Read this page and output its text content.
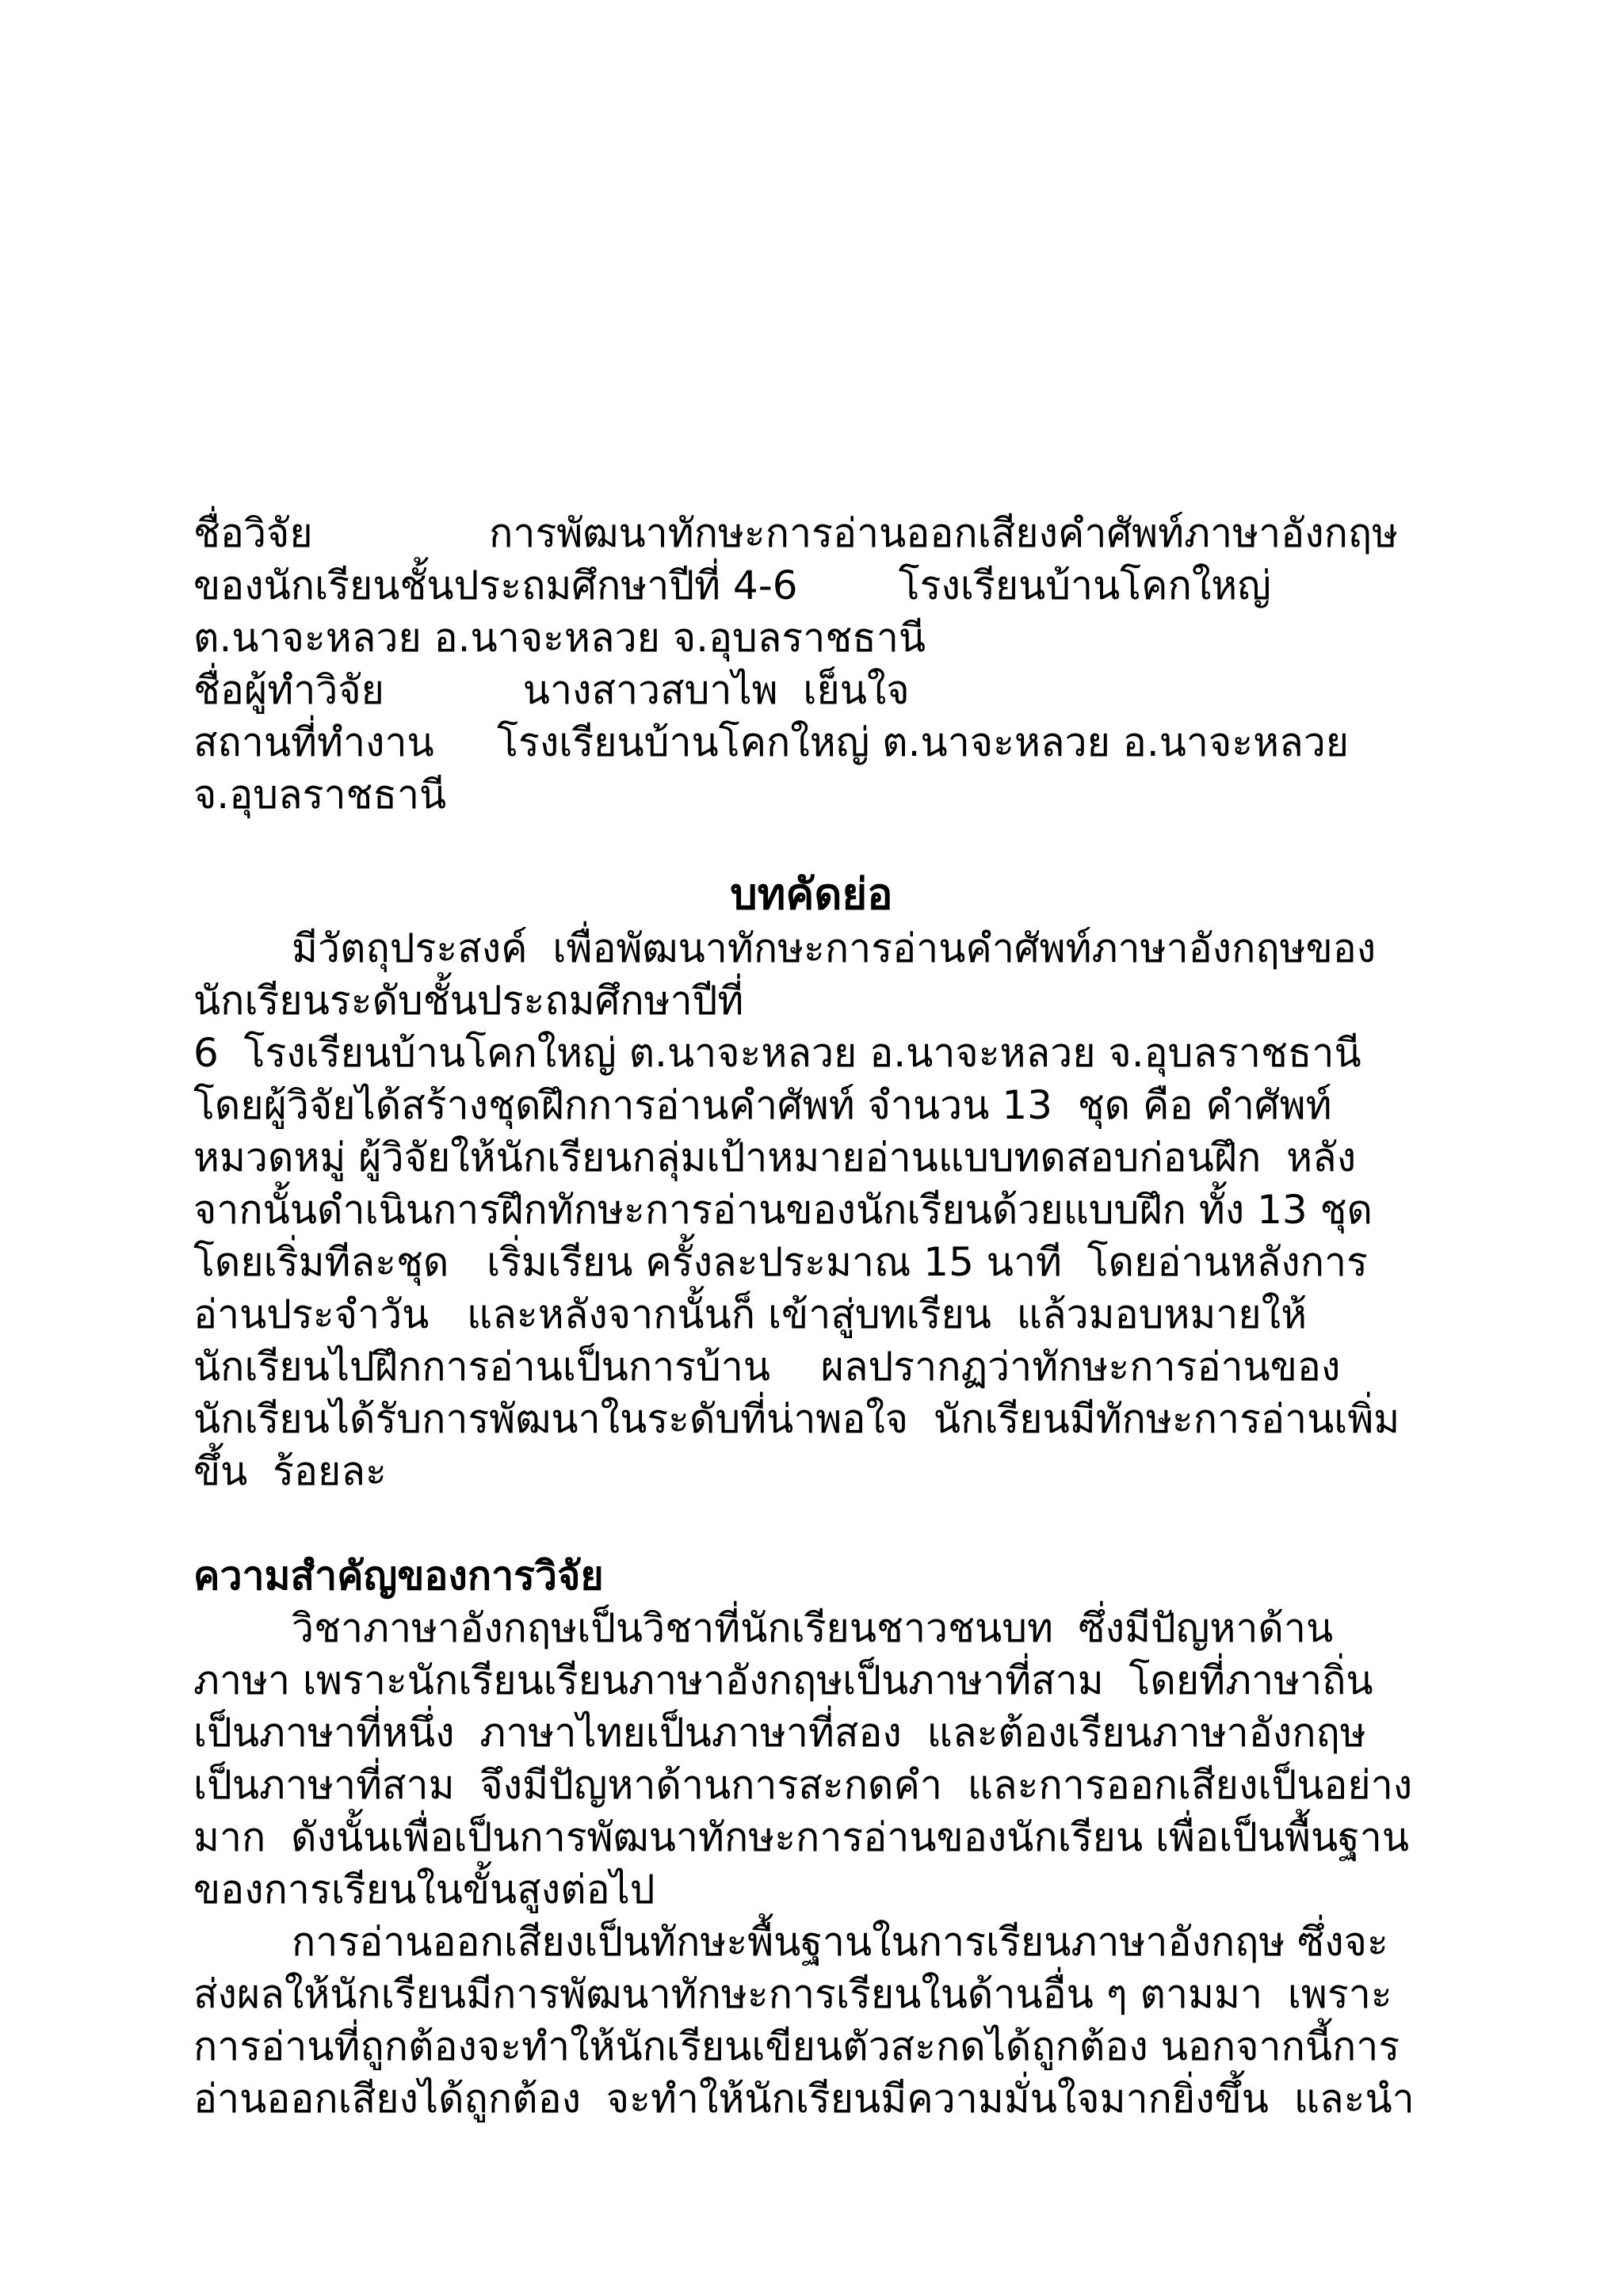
ชื่อวิจัย              การพัฒนาทักษะการอ่านออกเสียงคำศัพท์ภาษาอังกฤษ

ของนักเรียนชั้นประถมศึกษาปีที่ 4-6        โรงเรียนบ้านโคกใหญ่

ต.นาจะหลวย อ.นาจะหลวย จ.อุบลราชธานี

ชื่อผู้ทำวิจัย           นางสาวสบาไพ  เย็นใจ

สถานที่ทำงาน     โรงเรียนบ้านโคกใหญ่ ต.นาจะหลวย อ.นาจะหลวย

จ.อุบลราชธานี

บทคัดย่อ

มีวัตถุประสงค์  เพื่อพัฒนาทักษะการอ่านคำศัพท์ภาษาอังกฤษของ

นักเรียนระดับชั้นประถมศึกษาปีที่

6  โรงเรียนบ้านโคกใหญ่ ต.นาจะหลวย อ.นาจะหลวย จ.อุบลราชธานี

โดยผู้วิจัยได้สร้างชุดฝึกการอ่านคำศัพท์ จำนวน 13  ชุด คือ คำศัพท์

หมวดหมู่ ผู้วิจัยให้นักเรียนกลุ่มเป้าหมายอ่านแบบทดสอบก่อนฝึก  หลัง

จากนั้นดำเนินการฝึกทักษะการอ่านของนักเรียนด้วยแบบฝึก ทั้ง 13 ชุด

โดยเริ่มทีละชุด   เริ่มเรียน ครั้งละประมาณ 15 นาที  โดยอ่านหลังการ

อ่านประจำวัน   และหลังจากนั้นก็ เข้าสู่บทเรียน  แล้วมอบหมายให้

นักเรียนไปฝึกการอ่านเป็นการบ้าน    ผลปรากฏว่าทักษะการอ่านของ

นักเรียนได้รับการพัฒนาในระดับที่น่าพอใจ  นักเรียนมีทักษะการอ่านเพิ่ม

ขึ้น  ร้อยละ

ความสำคัญของการวิจัย

วิชาภาษาอังกฤษเป็นวิชาที่นักเรียนชาวชนบท  ซึ่งมีปัญหาด้าน

ภาษา เพราะนักเรียนเรียนภาษาอังกฤษเป็นภาษาที่สาม  โดยที่ภาษาถิ่น

เป็นภาษาที่หนึ่ง  ภาษาไทยเป็นภาษาที่สอง  และต้องเรียนภาษาอังกฤษ

เป็นภาษาที่สาม  จึงมีปัญหาด้านการสะกดคำ  และการออกเสียงเป็นอย่าง

มาก  ดังนั้นเพื่อเป็นการพัฒนาทักษะการอ่านของนักเรียน เพื่อเป็นพื้นฐาน

ของการเรียนในขั้นสูงต่อไป

การอ่านออกเสียงเป็นทักษะพื้นฐานในการเรียนภาษาอังกฤษ ซึ่งจะ

ส่งผลให้นักเรียนมีการพัฒนาทักษะการเรียนในด้านอื่น ๆ ตามมา  เพราะ

การอ่านที่ถูกต้องจะทำให้นักเรียนเขียนตัวสะกดได้ถูกต้อง นอกจากนี้การ

อ่านออกเสียงได้ถูกต้อง  จะทำให้นักเรียนมีความมั่นใจมากยิ่งขึ้น  และนำ
